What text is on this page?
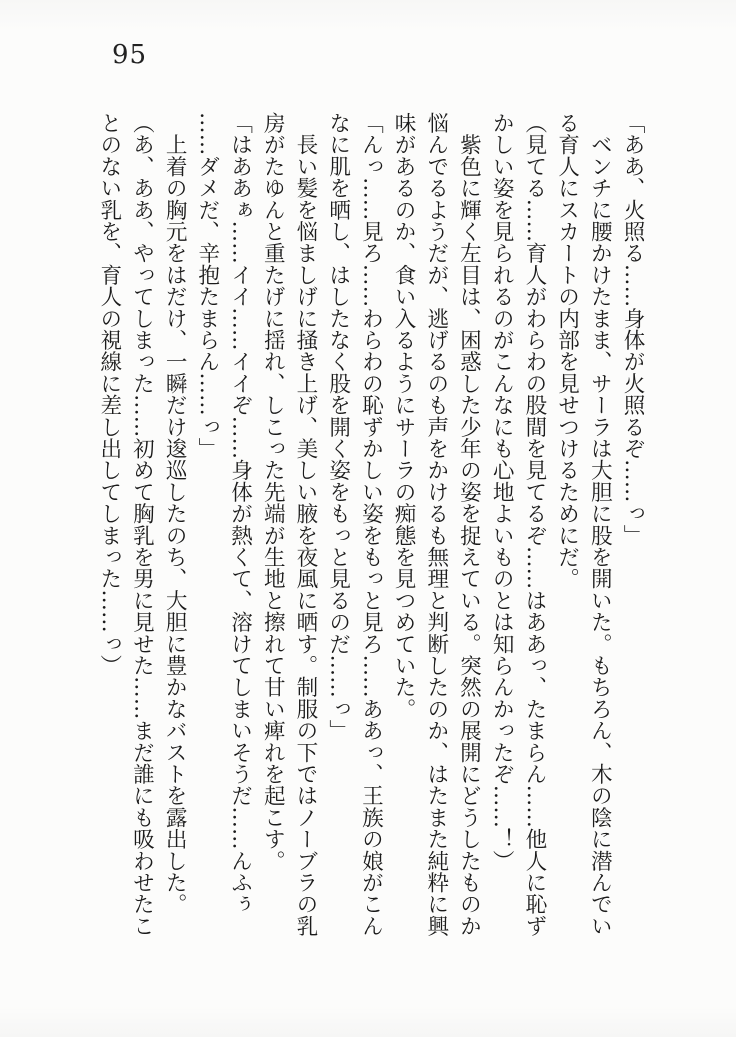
95
「ああ、火照る……身体が火照るぞ……っ」
　ベンチに腰かけたまま、サーラは大胆に股を開いた。もちろん、木の陰に潜んでい
る育人にスカートの内部を見せつけるためにだ。
（見てる……育人がわらわの股間を見てるぞ……はああっ、たまらん……他人に恥ず
かしい姿を見られるのがこんなにも心地よいものとは知らんかったぞ……！）
　紫色に輝く左目は、困惑した少年の姿を捉えている。突然の展開にどうしたものか
悩んでるようだが、逃げるのも声をかけるも無理と判断したのか、はたまた純粋に興
味があるのか、食い入るようにサーラの痴態を見つめていた。
「んっ……見ろ……わらわの恥ずかしい姿をもっと見ろ……ああっ、王族の娘がこん
なに肌を晒し、はしたなく股を開く姿をもっと見るのだ……っ」
　長い髪を悩ましげに掻き上げ、美しい腋を夜風に晒す。制服の下ではノーブラの乳
房がたゆんと重たげに揺れ、しこった先端が生地と擦れて甘い痺れを起こす。
「はああぁ……イイ……イイぞ……身体が熱くて、溶けてしまいそうだ……んふぅ
……ダメだ、辛抱たまらん……っ」
　上着の胸元をはだけ、一瞬だけ逡巡したのち、大胆に豊かなバストを露出した。
（あ、ああ、やってしまった……初めて胸乳を男に見せた……まだ誰にも吸わせたこ
とのない乳を、育人の視線に差し出してしまった……っ）
